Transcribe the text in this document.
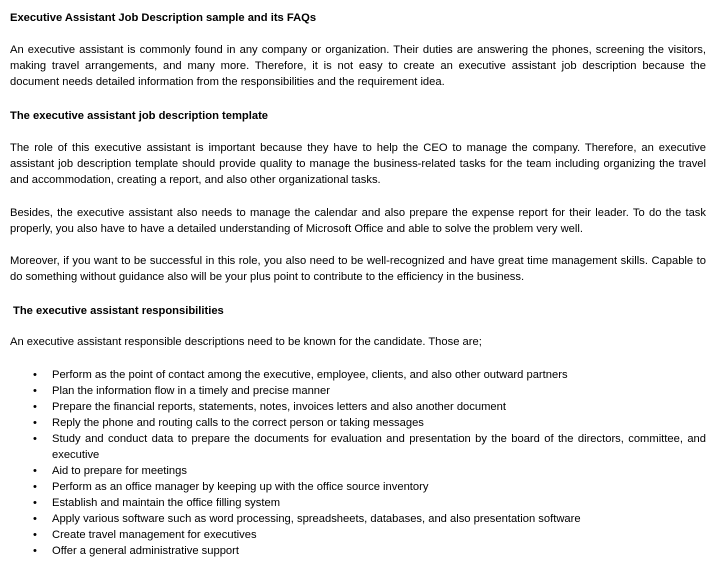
Executive Assistant Job Description sample and its FAQs

An executive assistant is commonly found in any company or organization. Their duties are answering the phones, screening the visitors, making travel arrangements, and many more. Therefore, it is not easy to create an executive assistant job description because the document needs detailed information from the responsibilities and the requirement idea.

The executive assistant job description template

The role of this executive assistant is important because they have to help the CEO to manage the company. Therefore, an executive assistant job description template should provide quality to manage the business-related tasks for the team including organizing the travel and accommodation, creating a report, and also other organizational tasks.

Besides, the executive assistant also needs to manage the calendar and also prepare the expense report for their leader. To do the task properly, you also have to have a detailed understanding of Microsoft Office and able to solve the problem very well.

Moreover, if you want to be successful in this role, you also need to be well-recognized and have great time management skills. Capable to do something without guidance also will be your plus point to contribute to the efficiency in the business.

The executive assistant responsibilities

An executive assistant responsible descriptions need to be known for the candidate. Those are;

• Perform as the point of contact among the executive, employee, clients, and also other outward partners
• Plan the information flow in a timely and precise manner
• Prepare the financial reports, statements, notes, invoices letters and also another document
• Reply the phone and routing calls to the correct person or taking messages
• Study and conduct data to prepare the documents for evaluation and presentation by the board of the directors, committee, and executive
• Aid to prepare for meetings
• Perform as an office manager by keeping up with the office source inventory
• Establish and maintain the office filling system
• Apply various software such as word processing, spreadsheets, databases, and also presentation software
• Create travel management for executives
• Offer a general administrative support
